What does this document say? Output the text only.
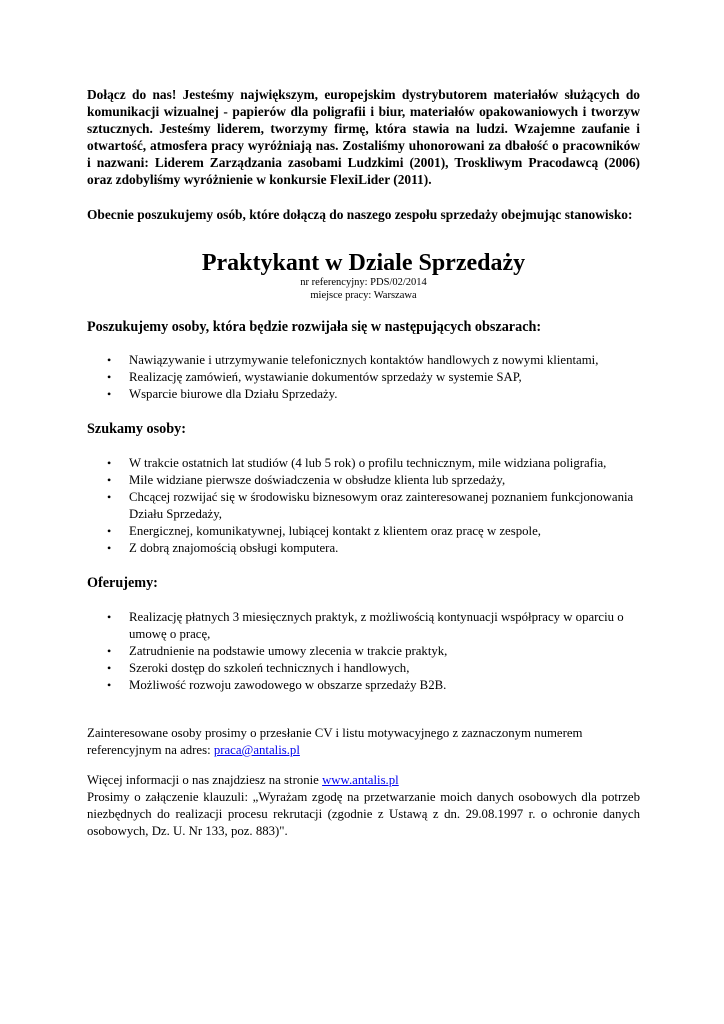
Dołącz do nas! Jesteśmy największym, europejskim dystrybutorem materiałów służących do komunikacji wizualnej - papierów dla poligrafii i biur, materiałów opakowaniowych i tworzyw sztucznych. Jesteśmy liderem, tworzymy firmę, która stawia na ludzi. Wzajemne zaufanie i otwartość, atmosfera pracy wyróżniają nas. Zostaliśmy uhonorowani za dbałość o pracowników i nazwani: Liderem Zarządzania zasobami Ludzkimi (2001), Troskliwym Pracodawcą (2006) oraz zdobyliśmy wyróżnienie w konkursie FlexiLider (2011).

Obecnie poszukujemy osób, które dołączą do naszego zespołu sprzedaży obejmując stanowisko:

Praktykant w Dziale Sprzedaży

nr referencyjny: PDS/02/2014

miejsce pracy: Warszawa

Poszukujemy osoby, która będzie rozwijała się w następujących obszarach:
• Nawiązywanie i utrzymywanie telefonicznych kontaktów handlowych z nowymi klientami,
• Realizację zamówień, wystawianie dokumentów sprzedaży w systemie SAP,
• Wsparcie biurowe dla Działu Sprzedaży.
Szukamy osoby:
• W trakcie ostatnich lat studiów (4 lub 5 rok) o profilu technicznym, mile widziana poligrafia,
• Mile widziane pierwsze doświadczenia w obsłudze klienta lub sprzedaży,
• Chcącej rozwijać się w środowisku biznesowym oraz zainteresowanej poznaniem funkcjonowania Działu Sprzedaży,
• Energicznej, komunikatywnej, lubiącej kontakt z klientem oraz pracę w zespole,
• Z dobrą znajomością obsługi komputera.
Oferujemy:
• Realizację płatnych 3 miesięcznych praktyk, z możliwością kontynuacji współpracy w oparciu o umowę o pracę,
• Zatrudnienie na podstawie umowy zlecenia w trakcie praktyk,
• Szeroki dostęp do szkoleń technicznych i handlowych,
• Możliwość rozwoju zawodowego w obszarze sprzedaży B2B.

Zainteresowane osoby prosimy o przesłanie CV i listu motywacyjnego z zaznaczonym numerem referencyjnym na adres: praca@antalis.pl

Więcej informacji o nas znajdziesz na stronie www.antalis.pl

Prosimy o załączenie klauzuli: „Wyrażam zgodę na przetwarzanie moich danych osobowych dla potrzeb niezbędnych do realizacji procesu rekrutacji (zgodnie z Ustawą z dn. 29.08.1997 r. o ochronie danych osobowych, Dz. U. Nr 133, poz. 883)".
